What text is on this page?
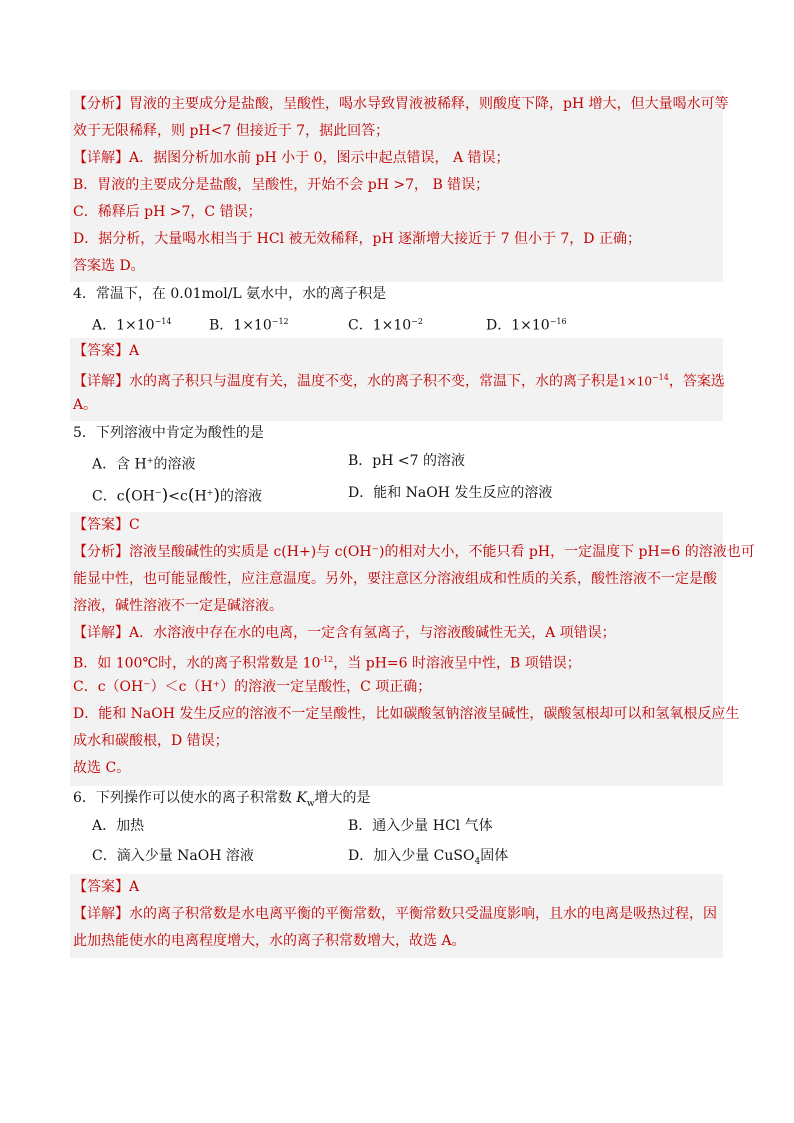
【分析】胃液的主要成分是盐酸，呈酸性，喝水导致胃液被稀释，则酸度下降，pH 增大，但大量喝水可等
效于无限稀释，则 pH<7 但接近于 7，据此回答；
【详解】A．据图分析加水前 pH 小于 0，图示中起点错误， A 错误；
B．胃液的主要成分是盐酸，呈酸性，开始不会 pH >7， B 错误；
C．稀释后 pH >7，C 错误；
D．据分析，大量喝水相当于 HCl 被无效稀释，pH 逐渐增大接近于 7 但小于 7，D 正确；
答案选 D。
4．常温下，在 0.01mol/L 氨水中，水的离子积是
A．$1\times 10^{-14}$	B．$1\times 10^{-12}$	C．$1\times 10^{-2}$	D．$1\times 10^{-16}$
【答案】A
【详解】水的离子积只与温度有关，温度不变，水的离子积不变，常温下，水的离子积是$1\times 10^{-14}$，答案选
A。
5．下列溶液中肯定为酸性的是
A．含 H+的溶液	B．pH <7 的溶液
C．c(OH−)<c(H+)的溶液	D．能和 NaOH 发生反应的溶液
【答案】C
【分析】溶液呈酸碱性的实质是 c(H+)与 c(OH⁻)的相对大小，不能只看 pH，一定温度下 pH=6 的溶液也可
能显中性，也可能显酸性，应注意温度。另外，要注意区分溶液组成和性质的关系，酸性溶液不一定是酸
溶液，碱性溶液不一定是碱溶液。
【详解】A．水溶液中存在水的电离，一定含有氢离子，与溶液酸碱性无关，A 项错误；
B．如 100℃时，水的离子积常数是 $10^{-12}$，当 pH=6 时溶液呈中性，B 项错误；
C．c（OH⁻）＜c（H⁺）的溶液一定呈酸性，C 项正确；
D．能和 NaOH 发生反应的溶液不一定呈酸性，比如碳酸氢钠溶液呈碱性，碳酸氢根却可以和氢氧根反应生
成水和碳酸根，D 错误；
故选 C。
6．下列操作可以使水的离子积常数 $K_w$增大的是
A．加热	B．通入少量 HCl 气体
C．滴入少量 NaOH 溶液	D．加入少量 CuSO$_4$固体
【答案】A
【详解】水的离子积常数是水电离平衡的平衡常数，平衡常数只受温度影响，且水的电离是吸热过程，因
此加热能使水的电离程度增大，水的离子积常数增大，故选 A。
